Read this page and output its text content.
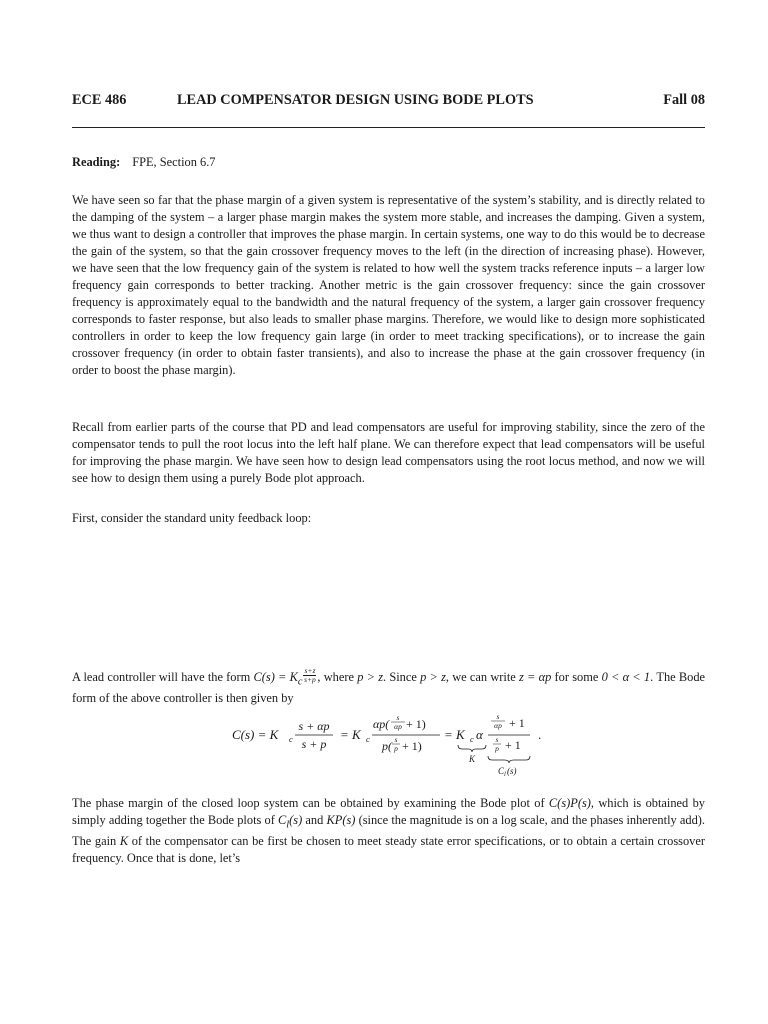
ECE 486	LEAD COMPENSATOR DESIGN USING BODE PLOTS	Fall 08
Reading: FPE, Section 6.7

We have seen so far that the phase margin of a given system is representative of the system’s stability, and is directly related to the damping of the system – a larger phase margin makes the system more stable, and increases the damping. Given a system, we thus want to design a controller that improves the phase margin. In certain systems, one way to do this would be to decrease the gain of the system, so that the gain crossover frequency moves to the left (in the direction of increasing phase). However, we have seen that the low frequency gain of the system is related to how well the system tracks reference inputs – a larger low frequency gain corresponds to better tracking. Another metric is the gain crossover frequency: since the gain crossover frequency is approximately equal to the bandwidth and the natural frequency of the system, a larger gain crossover frequency corresponds to faster response, but also leads to smaller phase margins. Therefore, we would like to design more sophisticated controllers in order to keep the low frequency gain large (in order to meet tracking specifications), or to increase the gain crossover frequency (in order to obtain faster transients), and also to increase the phase at the gain crossover frequency (in order to boost the phase margin).

Recall from earlier parts of the course that PD and lead compensators are useful for improving stability, since the zero of the compensator tends to pull the root locus into the left half plane. We can therefore expect that lead compensators will be useful for improving the phase margin. We have seen how to design lead compensators using the root locus method, and now we will see how to design them using a purely Bode plot approach.

First, consider the standard unity feedback loop:

A lead controller will have the form $C(s) = K_c \frac{s+z}{s+p}$ , where p > z. Since p > z, we can write z = αp for some 0 < α < 1. The Bode form of the above controller is then given by

C(s) = K c
s + αp
s + p
= K c
αp( s
αp + 1)
p( s
p + 1)
= K c α
s
αp + 1
s
p + 1
K
C l (s)
.

The phase margin of the closed loop system can be obtained by examining the Bode plot of C(s)P(s), which is obtained by simply adding together the Bode plots of $C_l(s)$ and KP(s) (since the magnitude is on a log scale, and the phases inherently add). The gain K of the compensator can be first be chosen to meet steady state error specifications, or to obtain a certain crossover frequency. Once that is done, let’s
